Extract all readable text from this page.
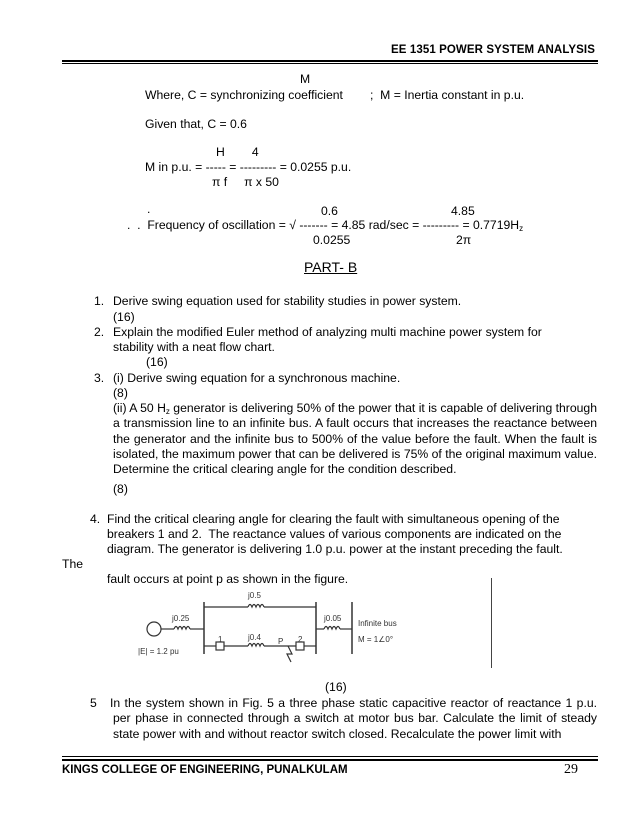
EE 1351 POWER SYSTEM ANALYSIS
M
Where, C = synchronizing coefficient ;  M = Inertia constant in p.u.
Given that, C = 0.6
H        4
M in p.u. = ----- = --------- = 0.0255 p.u.
π f     π x 50
.	0.6	4.85
.  .  Frequency of oscillation = √ ------- = 4.85 rad/sec = --------- = $0.7719H_z$
0.0255	2π
PART- B
1. Derive swing equation used for stability studies in power system.
(16)
2. Explain the modified Euler method of analyzing multi machine power system for
stability with a neat flow chart.
(16)
3. (i) Derive swing equation for a synchronous machine.
(8)
(ii) A 50 $H_z$ generator is delivering 50% of the power that it is capable of delivering through a transmission line to an infinite bus. A fault occurs that increases the reactance between the generator and the infinite bus to 500% of the value before the fault. When the fault is isolated, the maximum power that can be delivered is 75% of the original maximum value. Determine the critical clearing angle for the condition described.
(8)
4. Find the critical clearing angle for clearing the fault with simultaneous opening of the
breakers 1 and 2.  The reactance values of various components are indicated on the
diagram. The generator is delivering 1.0 p.u. power at the instant preceding the fault.
The
fault occurs at point p as shown in the figure.
j0.5
j0.25
j0.4
j0.05
Infinite bus
M = 1∠0°
|E| = 1.2 pu
1	P 2
(16)
5 In the system shown in Fig. 5 a three phase static capacitive reactor of reactance 1 p.u. per phase in connected through a switch at motor bus bar. Calculate the limit of steady state power with and without reactor switch closed. Recalculate the power limit with
KINGS COLLEGE OF ENGINEERING, PUNALKULAM	29
